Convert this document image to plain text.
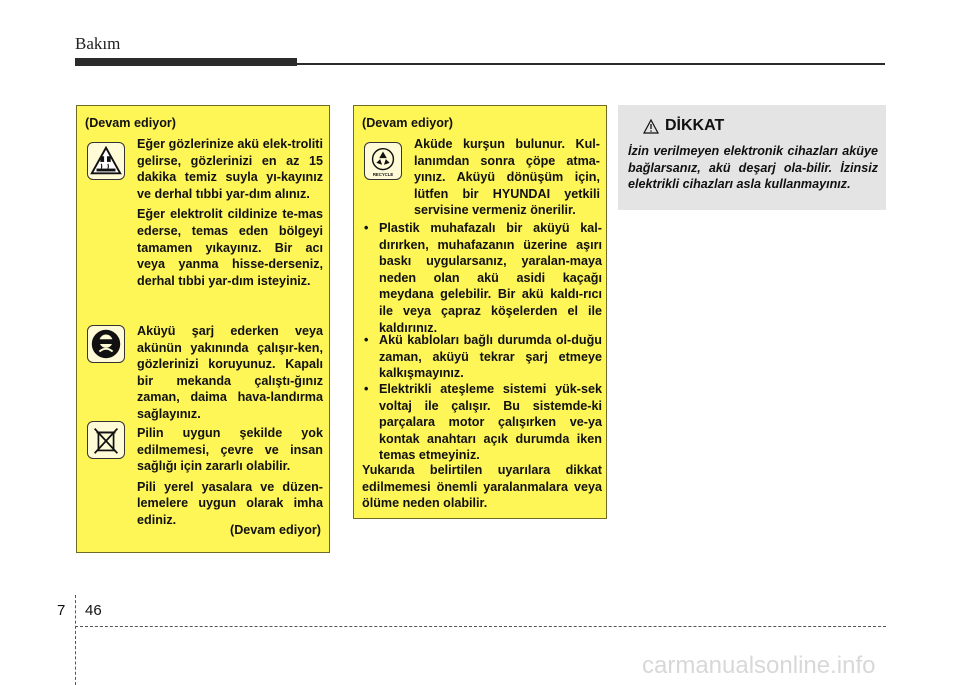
Bakım
(Devam ediyor)

Eğer gözlerinize akü elek-troliti gelirse, gözlerinizi en az 15 dakika temiz suyla yı-kayınız ve derhal tıbbi yar-dım alınız.

Eğer elektrolit cildinize te-mas ederse, temas eden bölgeyi tamamen yıkayınız. Bir acı veya yanma hisse-derseniz, derhal tıbbi yar-dım isteyiniz.

Aküyü şarj ederken veya akünün yakınında çalışır-ken, gözlerinizi koruyunuz. Kapalı bir mekanda çalıştı-ğınız zaman, daima hava-landırma sağlayınız.

Pilin uygun şekilde yok edilmemesi, çevre ve insan sağlığı için zararlı olabilir.

Pili yerel yasalara ve düzen-lemelere uygun olarak imha ediniz.

(Devam ediyor)
(Devam ediyor)
RECYCLE

Aküde kurşun bulunur. Kul-lanımdan sonra çöpe atma-yınız. Aküyü dönüşüm için, lütfen bir HYUNDAI yetkili servisine vermeniz önerilir.

• Plastik muhafazalı bir aküyü kal-dırırken, muhafazanın üzerine aşırı baskı uygularsanız, yaralan-maya neden olan akü asidi kaçağı meydana gelebilir. Bir akü kaldı-rıcı ile veya çapraz köşelerden el ile kaldırınız.
• Akü kabloları bağlı durumda ol-duğu zaman, aküyü tekrar şarj etmeye kalkışmayınız.
• Elektrikli ateşleme sistemi yük-sek voltaj ile çalışır. Bu sistemde-ki parçalara motor çalışırken ve-ya kontak anahtarı açık durumda iken temas etmeyiniz.

Yukarıda belirtilen uyarılara dikkat edilmemesi önemli yaralanmalara veya ölüme neden olabilir.

DİKKAT
İzin verilmeyen elektronik cihazları aküye bağlarsanız, akü deşarj ola-bilir. İzinsiz elektrikli cihazları asla kullanmayınız.
7 46
carmanualsonline.info
